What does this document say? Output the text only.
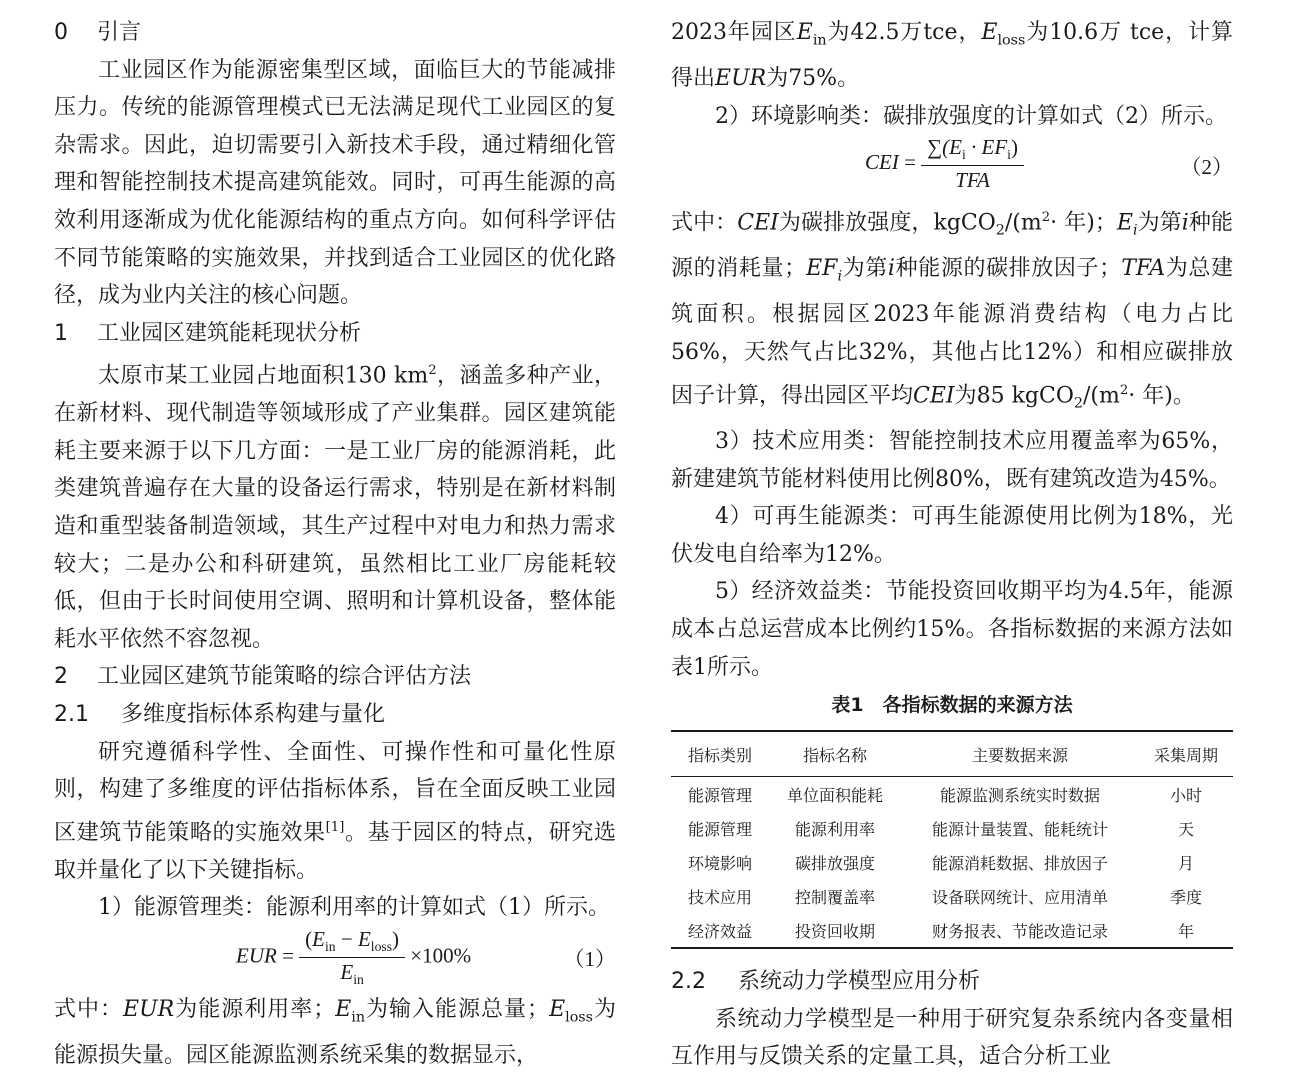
0 引言

工业园区作为能源密集型区域，面临巨大的节能减排压力。传统的能源管理模式已无法满足现代工业园区的复杂需求。因此，迫切需要引入新技术手段，通过精细化管理和智能控制技术提高建筑能效。同时，可再生能源的高效利用逐渐成为优化能源结构的重点方向。如何科学评估不同节能策略的实施效果，并找到适合工业园区的优化路径，成为业内关注的核心问题。

1 工业园区建筑能耗现状分析

太原市某工业园占地面积130 $km^2$，涵盖多种产业，在新材料、现代制造等领域形成了产业集群。园区建筑能耗主要来源于以下几方面：一是工业厂房的能源消耗，此类建筑普遍存在大量的设备运行需求，特别是在新材料制造和重型装备制造领域，其生产过程中对电力和热力需求较大；二是办公和科研建筑，虽然相比工业厂房能耗较低，但由于长时间使用空调、照明和计算机设备，整体能耗水平依然不容忽视。

2 工业园区建筑节能策略的综合评估方法

2.1 多维度指标体系构建与量化

研究遵循科学性、全面性、可操作性和可量化性原则，构建了多维度的评估指标体系，旨在全面反映工业园区建筑节能策略的实施效果[1]。基于园区的特点，研究选取并量化了以下关键指标。

1）能源管理类：能源利用率的计算如式（1）所示。

EUR = $\frac{(E_{in} - E_{loss})}{E_{in}} \times 100\%$	（1）

式中：EUR为能源利用率；$E_{in}$为输入能源总量；$E_{loss}$为能源损失量。园区能源监测系统采集的数据显示，

2023年园区$E_{in}$为42.5万tce，$E_{loss}$为10.6万 tce，计算得出EUR为75%。

2）环境影响类：碳排放强度的计算如式（2）所示。

CEI = $\frac{\sum(E_i \cdot EF_i)}{\text{TFA}}$	（2）

式中：CEI为碳排放强度，$kgCO_2/(m^2\cdot$ 年)；$E_i$为第i种能源的消耗量；$EF_i$为第i种能源的碳排放因子；TFA为总建筑面积。根据园区2023年能源消费结构（电力占比56%，天然气占比32%，其他占比12%）和相应碳排放因子计算，得出园区平均CEI为85 $kgCO_2/(m^2\cdot$ 年)。

3）技术应用类：智能控制技术应用覆盖率为65%，新建建筑节能材料使用比例80%，既有建筑改造为45%。

4）可再生能源类：可再生能源使用比例为18%，光伏发电自给率为12%。

5）经济效益类：节能投资回收期平均为4.5年，能源成本占总运营成本比例约15%。各指标数据的来源方法如表1所示。

表1　各指标数据的来源方法
指标类别	指标名称	主要数据来源	采集周期
能源管理	单位面积能耗	能源监测系统实时数据	小时
能源管理	能源利用率	能源计量装置、能耗统计	天
环境影响	碳排放强度	能源消耗数据、排放因子	月
技术应用	控制覆盖率	设备联网统计、应用清单	季度
经济效益	投资回收期	财务报表、节能改造记录	年

2.2 系统动力学模型应用分析

系统动力学模型是一种用于研究复杂系统内各变量相互作用与反馈关系的定量工具，适合分析工业
